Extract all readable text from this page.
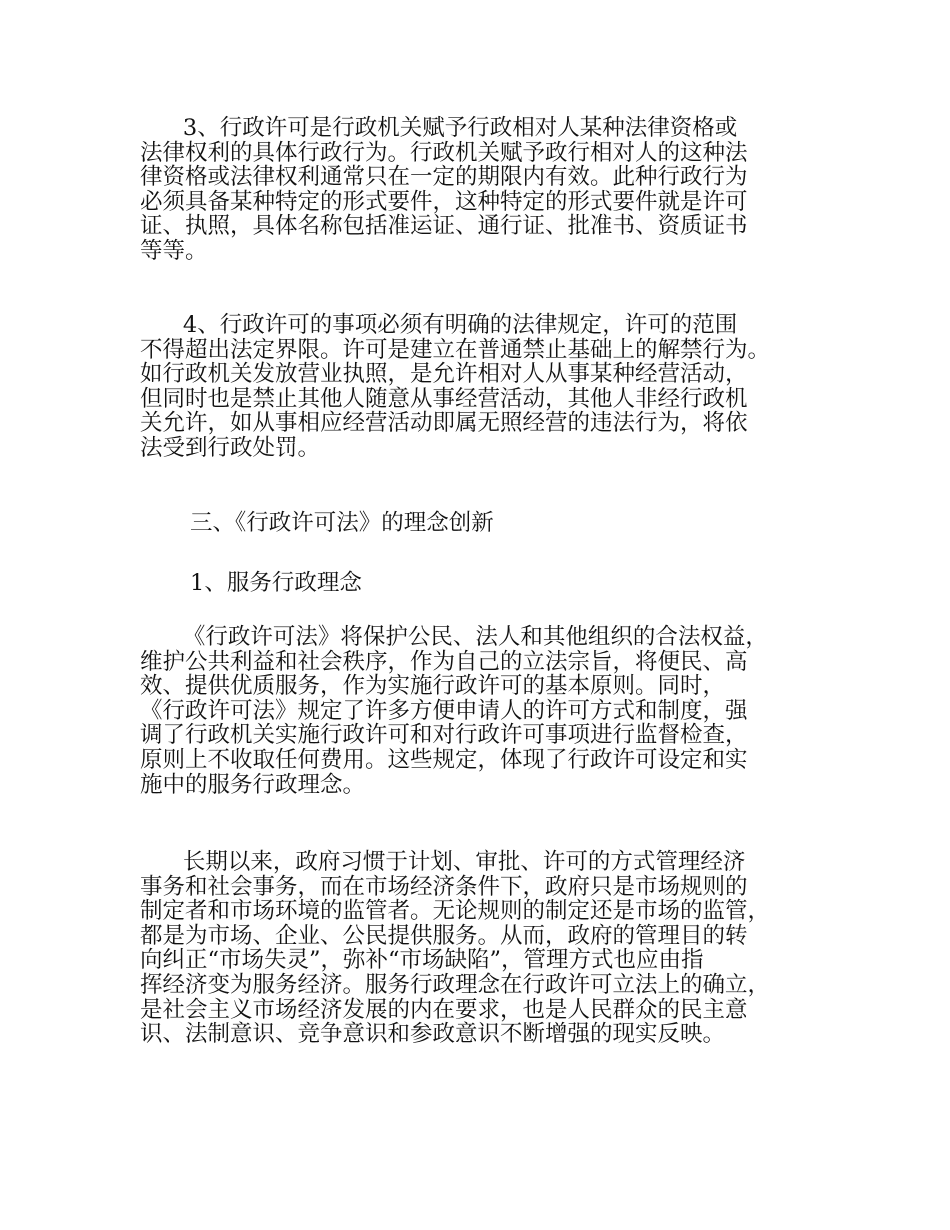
3、行政许可是行政机关赋予行政相对人某种法律资格或
法律权利的具体行政行为。行政机关赋予政行相对人的这种法
律资格或法律权利通常只在一定的期限内有效。此种行政行为
必须具备某种特定的形式要件，这种特定的形式要件就是许可
证、执照，具体名称包括准运证、通行证、批准书、资质证书
等等。

4、行政许可的事项必须有明确的法律规定，许可的范围
不得超出法定界限。许可是建立在普通禁止基础上的解禁行为。
如行政机关发放营业执照，是允许相对人从事某种经营活动，
但同时也是禁止其他人随意从事经营活动，其他人非经行政机
关允许，如从事相应经营活动即属无照经营的违法行为，将依
法受到行政处罚。

三、《行政许可法》的理念创新
1、服务行政理念

《行政许可法》将保护公民、法人和其他组织的合法权益，
维护公共利益和社会秩序，作为自己的立法宗旨，将便民、高
效、提供优质服务，作为实施行政许可的基本原则。同时，
《行政许可法》规定了许多方便申请人的许可方式和制度，强
调了行政机关实施行政许可和对行政许可事项进行监督检查，
原则上不收取任何费用。这些规定，体现了行政许可设定和实
施中的服务行政理念。

长期以来，政府习惯于计划、审批、许可的方式管理经济
事务和社会事务，而在市场经济条件下，政府只是市场规则的
制定者和市场环境的监管者。无论规则的制定还是市场的监管，
都是为市场、企业、公民提供服务。从而，政府的管理目的转
向纠正“市场失灵”，弥补“市场缺陷”，管理方式也应由指
挥经济变为服务经济。服务行政理念在行政许可立法上的确立，
是社会主义市场经济发展的内在要求，也是人民群众的民主意
识、法制意识、竞争意识和参政意识不断增强的现实反映。
